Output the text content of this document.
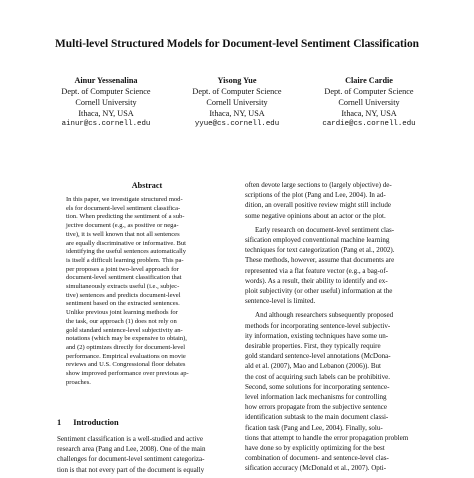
Multi-level Structured Models for Document-level Sentiment Classification
Ainur Yessenalina
Dept. of Computer Science
Cornell University
Ithaca, NY, USA
ainur@cs.cornell.edu
Yisong Yue
Dept. of Computer Science
Cornell University
Ithaca, NY, USA
yyue@cs.cornell.edu
Claire Cardie
Dept. of Computer Science
Cornell University
Ithaca, NY, USA
cardie@cs.cornell.edu
Abstract
In this paper, we investigate structured mod-
els for document-level sentiment classifica-
tion. When predicting the sentiment of a sub-
jective document (e.g., as positive or nega-
tive), it is well known that not all sentences
are equally discriminative or informative. But
identifying the useful sentences automatically
is itself a difficult learning problem. This pa-
per proposes a joint two-level approach for
document-level sentiment classification that
simultaneously extracts useful (i.e., subjec-
tive) sentences and predicts document-level
sentiment based on the extracted sentences.
Unlike previous joint learning methods for
the task, our approach (1) does not rely on
gold standard sentence-level subjectivity an-
notations (which may be expensive to obtain),
and (2) optimizes directly for document-level
performance. Empirical evaluations on movie
reviews and U.S. Congressional floor debates
show improved performance over previous ap-
proaches.
1 Introduction
Sentiment classification is a well-studied and active
research area (Pang and Lee, 2008). One of the main
challenges for document-level sentiment categoriza-
tion is that not every part of the document is equally

often devote large sections to (largely objective) de-
scriptions of the plot (Pang and Lee, 2004). In ad-
dition, an overall positive review might still include
some negative opinions about an actor or the plot.

Early research on document-level sentiment clas-
sification employed conventional machine learning
techniques for text categorization (Pang et al., 2002).
These methods, however, assume that documents are
represented via a flat feature vector (e.g., a bag-of-
words). As a result, their ability to identify and ex-
ploit subjectivity (or other useful) information at the
sentence-level is limited.

And although researchers subsequently proposed
methods for incorporating sentence-level subjectiv-
ity information, existing techniques have some un-
desirable properties. First, they typically require
gold standard sentence-level annotations (McDona-
ald et al. (2007), Mao and Lebanon (2006)). But
the cost of acquiring such labels can be prohibitive.
Second, some solutions for incorporating sentence-
level information lack mechanisms for controlling
how errors propagate from the subjective sentence
identification subtask to the main document classi-
fication task (Pang and Lee, 2004). Finally, solu-
tions that attempt to handle the error propagation problem
have done so by explicitly optimizing for the best
combination of document- and sentence-level clas-
sification accuracy (McDonald et al., 2007). Opti-
